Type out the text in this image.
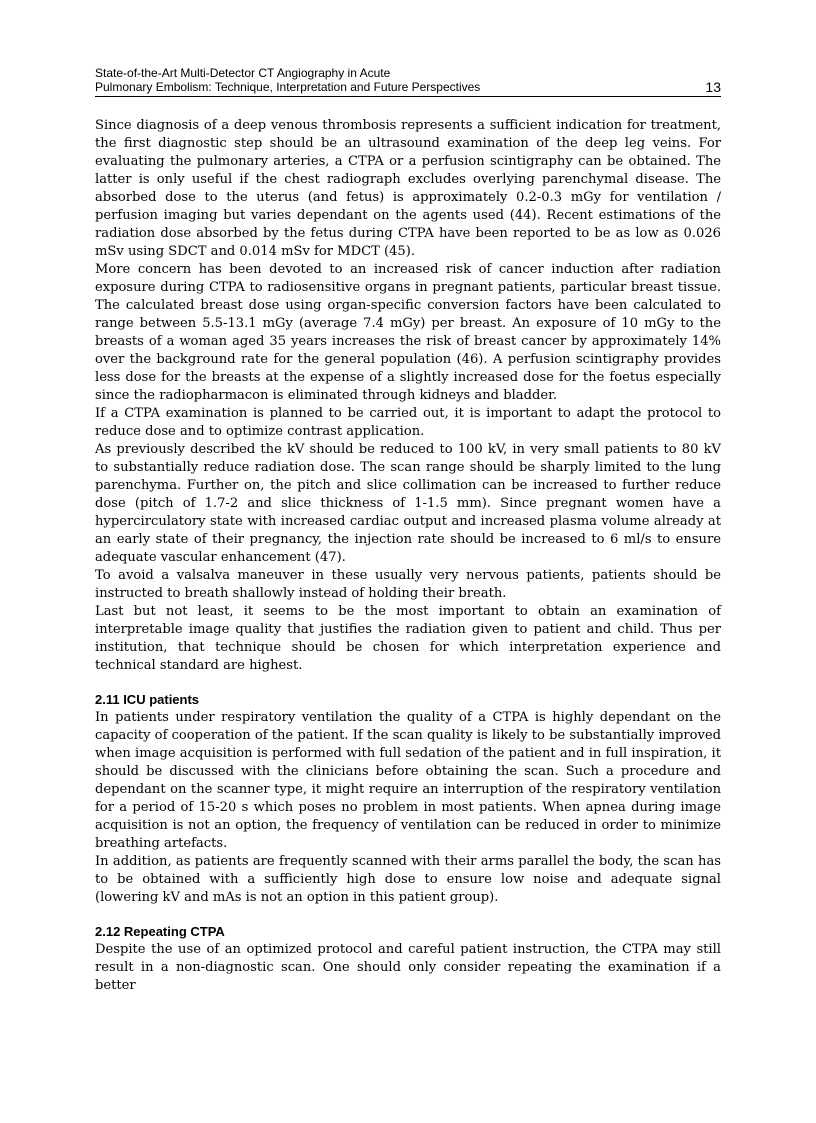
State-of-the-Art Multi-Detector CT Angiography in Acute
Pulmonary Embolism: Technique, Interpretation and Future Perspectives	13

Since diagnosis of a deep venous thrombosis represents a sufficient indication for treatment, the first diagnostic step should be an ultrasound examination of the deep leg veins. For evaluating the pulmonary arteries, a CTPA or a perfusion scintigraphy can be obtained. The latter is only useful if the chest radiograph excludes overlying parenchymal disease. The absorbed dose to the uterus (and fetus) is approximately 0.2-0.3 mGy for ventilation / perfusion imaging but varies dependant on the agents used (44). Recent estimations of the radiation dose absorbed by the fetus during CTPA have been reported to be as low as 0.026 mSv using SDCT and 0.014 mSv for MDCT (45).

More concern has been devoted to an increased risk of cancer induction after radiation exposure during CTPA to radiosensitive organs in pregnant patients, particular breast tissue. The calculated breast dose using organ-specific conversion factors have been calculated to range between 5.5-13.1 mGy (average 7.4 mGy) per breast. An exposure of 10 mGy to the breasts of a woman aged 35 years increases the risk of breast cancer by approximately 14% over the background rate for the general population (46). A perfusion scintigraphy provides less dose for the breasts at the expense of a slightly increased dose for the foetus especially since the radiopharmacon is eliminated through kidneys and bladder.

If a CTPA examination is planned to be carried out, it is important to adapt the protocol to reduce dose and to optimize contrast application.

As previously described the kV should be reduced to 100 kV, in very small patients to 80 kV to substantially reduce radiation dose. The scan range should be sharply limited to the lung parenchyma. Further on, the pitch and slice collimation can be increased to further reduce dose (pitch of 1.7-2 and slice thickness of 1-1.5 mm). Since pregnant women have a hypercirculatory state with increased cardiac output and increased plasma volume already at an early state of their pregnancy, the injection rate should be increased to 6 ml/s to ensure adequate vascular enhancement (47).

To avoid a valsalva maneuver in these usually very nervous patients, patients should be instructed to breath shallowly instead of holding their breath.

Last but not least, it seems to be the most important to obtain an examination of interpretable image quality that justifies the radiation given to patient and child. Thus per institution, that technique should be chosen for which interpretation experience and technical standard are highest.

2.11 ICU patients

In patients under respiratory ventilation the quality of a CTPA is highly dependant on the capacity of cooperation of the patient. If the scan quality is likely to be substantially improved when image acquisition is performed with full sedation of the patient and in full inspiration, it should be discussed with the clinicians before obtaining the scan. Such a procedure and dependant on the scanner type, it might require an interruption of the respiratory ventilation for a period of 15-20 s which poses no problem in most patients. When apnea during image acquisition is not an option, the frequency of ventilation can be reduced in order to minimize breathing artefacts.

In addition, as patients are frequently scanned with their arms parallel the body, the scan has to be obtained with a sufficiently high dose to ensure low noise and adequate signal (lowering kV and mAs is not an option in this patient group).

2.12 Repeating CTPA

Despite the use of an optimized protocol and careful patient instruction, the CTPA may still result in a non-diagnostic scan. One should only consider repeating the examination if a better
